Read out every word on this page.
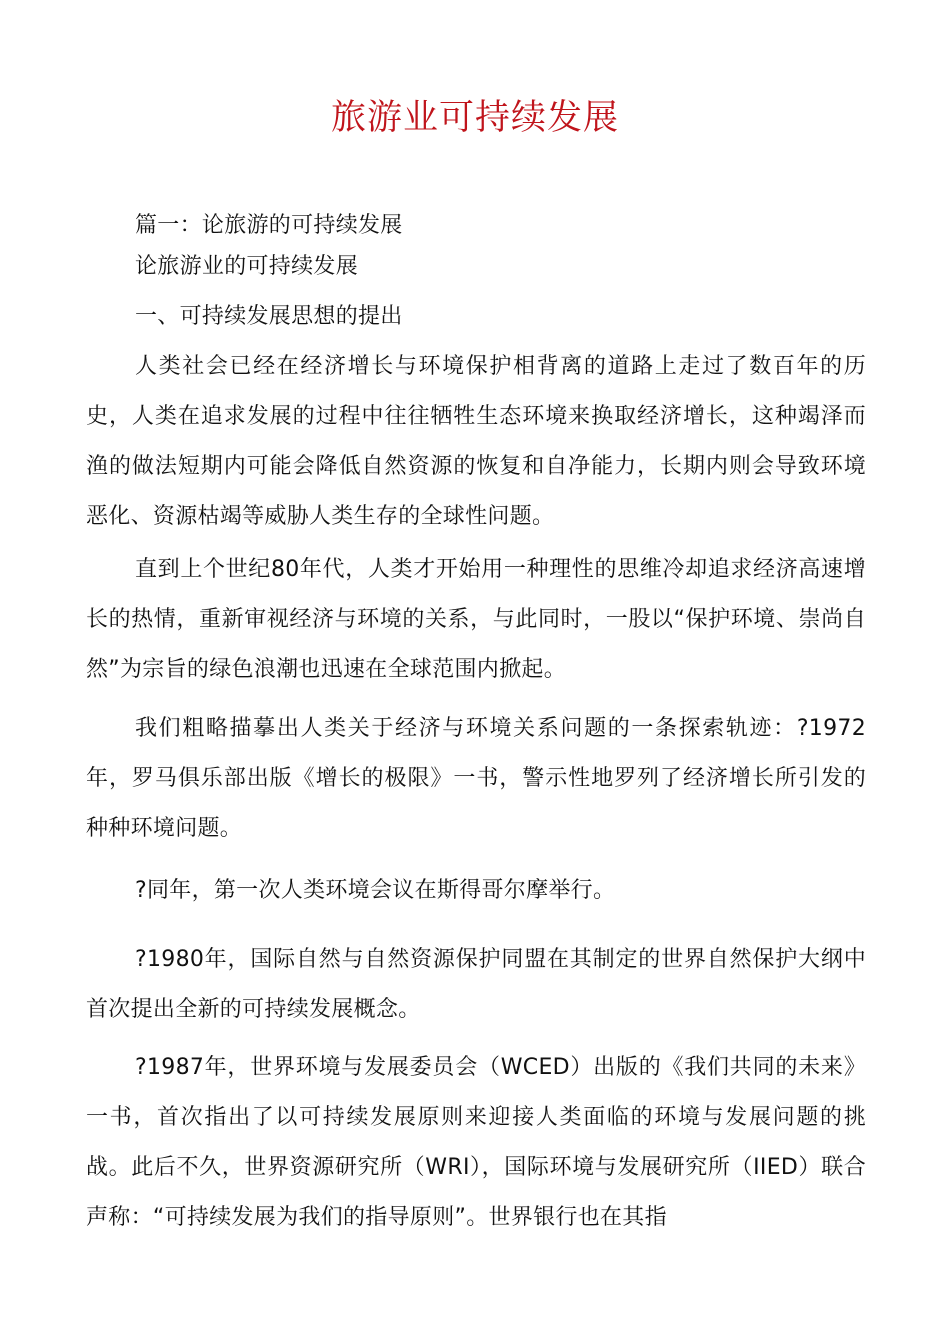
旅游业可持续发展

篇一：论旅游的可持续发展

论旅游业的可持续发展

一、可持续发展思想的提出

人类社会已经在经济增长与环境保护相背离的道路上走过了数百年的历史，人类在追求发展的过程中往往牺牲生态环境来换取经济增长，这种竭泽而渔的做法短期内可能会降低自然资源的恢复和自净能力，长期内则会导致环境恶化、资源枯竭等威胁人类生存的全球性问题。

直到上个世纪80年代，人类才开始用一种理性的思维冷却追求经济高速增长的热情，重新审视经济与环境的关系，与此同时，一股以“保护环境、崇尚自然”为宗旨的绿色浪潮也迅速在全球范围内掀起。

我们粗略描摹出人类关于经济与环境关系问题的一条探索轨迹：?1972年，罗马俱乐部出版《增长的极限》一书，警示性地罗列了经济增长所引发的种种环境问题。

?同年，第一次人类环境会议在斯得哥尔摩举行。

?1980年，国际自然与自然资源保护同盟在其制定的世界自然保护大纲中首次提出全新的可持续发展概念。

?1987年，世界环境与发展委员会（WCED）出版的《我们共同的未来》一书，首次指出了以可持续发展原则来迎接人类面临的环境与发展问题的挑战。此后不久，世界资源研究所（WRI），国际环境与发展研究所（IIED）联合声称：“可持续发展为我们的指导原则”。世界银行也在其指
